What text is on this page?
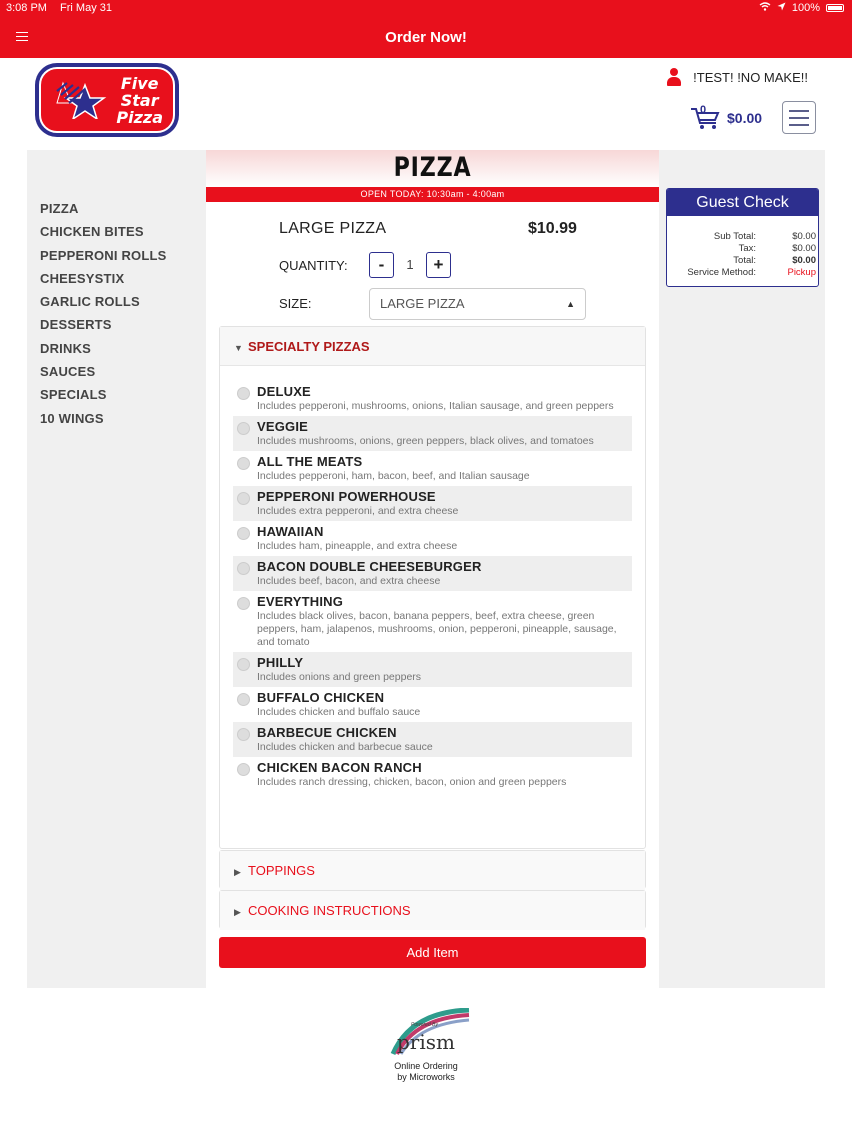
3:08 PM Fri May 31	100%
Order Now!
Five
Star
Pizza
!TEST! !NO MAKE!!
0 $0.00
PIZZA
CHICKEN BITES
PEPPERONI ROLLS
CHEESYSTIX
GARLIC ROLLS
DESSERTS
DRINKS
SAUCES
SPECIALS
10 WINGS
Guest Check
Sub Total:	$0.00
Tax:	$0.00
Total:	$0.00
Service Method:	Pickup
PIZZA
OPEN TODAY: 10:30am - 4:00am
LARGE PIZZA	$10.99
QUANTITY:	-	1	+
SIZE:	LARGE PIZZA	▲

▼ SPECIALTY PIZZAS
DELUXE
Includes pepperoni, mushrooms, onions, Italian sausage, and green peppers
VEGGIE
Includes mushrooms, onions, green peppers, black olives, and tomatoes
ALL THE MEATS
Includes pepperoni, ham, bacon, beef, and Italian sausage
PEPPERONI POWERHOUSE
Includes extra pepperoni, and extra cheese
HAWAIIAN
Includes ham, pineapple, and extra cheese
BACON DOUBLE CHEESEBURGER
Includes beef, bacon, and extra cheese
EVERYTHING
Includes black olives, bacon, banana peppers, beef, extra cheese, green peppers, ham, jalapenos, mushrooms, onion, pepperoni, pineapple, sausage, and tomato
PHILLY
Includes onions and green peppers
BUFFALO CHICKEN
Includes chicken and buffalo sauce
BARBECUE CHICKEN
Includes chicken and barbecue sauce
CHICKEN BACON RANCH
Includes ranch dressing, chicken, bacon, onion and green peppers
▶ TOPPINGS
▶ COOKING INSTRUCTIONS
Add Item
Powered By
prism
Online Ordering
by Microworks
